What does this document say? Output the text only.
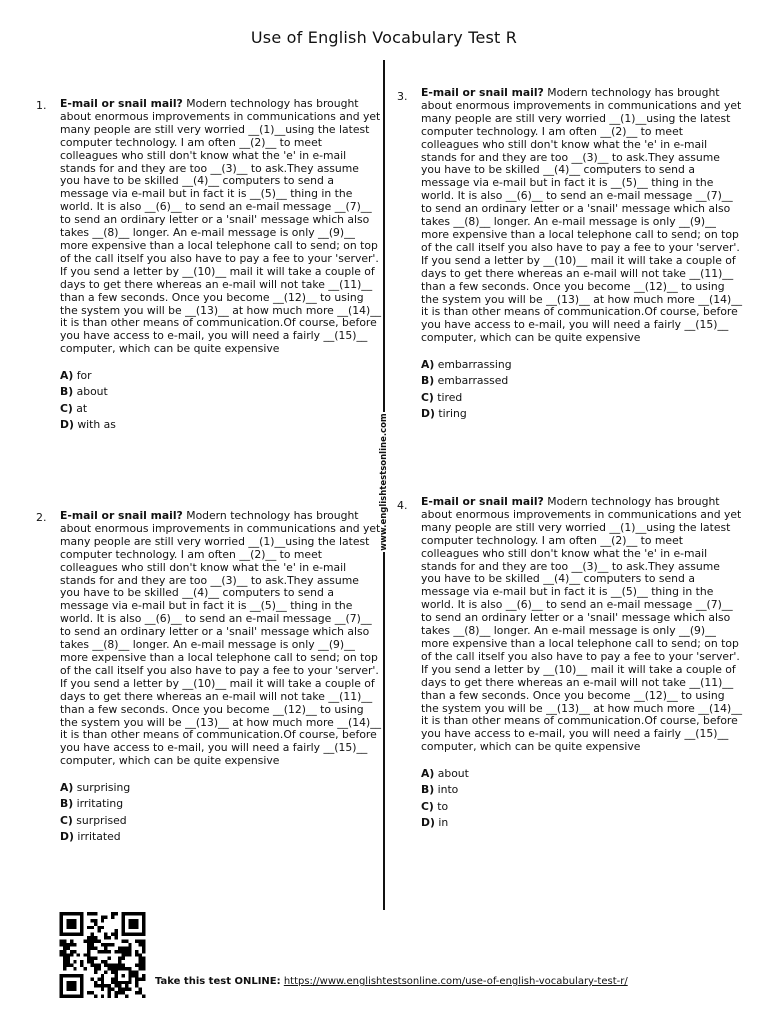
Use of English Vocabulary Test R
www.englishtestsonline.com
1. E-mail or snail mail? Modern technology has brought about enormous improvements in communications and yet many people are still very worried __(1)__using the latest computer technology. I am often __(2)__ to meet colleagues who still don't know what the 'e' in e-mail stands for and they are too __(3)__ to ask.They assume you have to be skilled __(4)__ computers to send a message via e-mail but in fact it is __(5)__ thing in the world. It is also __(6)__ to send an e-mail message __(7)__ to send an ordinary letter or a 'snail' message which also takes __(8)__ longer. An e-mail message is only __(9)__ more expensive than a local telephone call to send; on top of the call itself you also have to pay a fee to your 'server'. If you send a letter by __(10)__ mail it will take a couple of days to get there whereas an e-mail will not take __(11)__ than a few seconds. Once you become __(12)__ to using the system you will be __(13)__ at how much more __(14)__ it is than other means of communication.Of course, before you have access to e-mail, you will need a fairly __(15)__ computer, which can be quite expensive
A) for
B) about
C) at
D) with as
2. E-mail or snail mail? Modern technology has brought about enormous improvements in communications and yet many people are still very worried __(1)__using the latest computer technology. I am often __(2)__ to meet colleagues who still don't know what the 'e' in e-mail stands for and they are too __(3)__ to ask.They assume you have to be skilled __(4)__ computers to send a message via e-mail but in fact it is __(5)__ thing in the world. It is also __(6)__ to send an e-mail message __(7)__ to send an ordinary letter or a 'snail' message which also takes __(8)__ longer. An e-mail message is only __(9)__ more expensive than a local telephone call to send; on top of the call itself you also have to pay a fee to your 'server'. If you send a letter by __(10)__ mail it will take a couple of days to get there whereas an e-mail will not take __(11)__ than a few seconds. Once you become __(12)__ to using the system you will be __(13)__ at how much more __(14)__ it is than other means of communication.Of course, before you have access to e-mail, you will need a fairly __(15)__ computer, which can be quite expensive
A) surprising
B) irritating
C) surprised
D) irritated
3. E-mail or snail mail? Modern technology has brought about enormous improvements in communications and yet many people are still very worried __(1)__using the latest computer technology. I am often __(2)__ to meet colleagues who still don't know what the 'e' in e-mail stands for and they are too __(3)__ to ask.They assume you have to be skilled __(4)__ computers to send a message via e-mail but in fact it is __(5)__ thing in the world. It is also __(6)__ to send an e-mail message __(7)__ to send an ordinary letter or a 'snail' message which also takes __(8)__ longer. An e-mail message is only __(9)__ more expensive than a local telephone call to send; on top of the call itself you also have to pay a fee to your 'server'. If you send a letter by __(10)__ mail it will take a couple of days to get there whereas an e-mail will not take __(11)__ than a few seconds. Once you become __(12)__ to using the system you will be __(13)__ at how much more __(14)__ it is than other means of communication.Of course, before you have access to e-mail, you will need a fairly __(15)__ computer, which can be quite expensive
A) embarrassing
B) embarrassed
C) tired
D) tiring
4. E-mail or snail mail? Modern technology has brought about enormous improvements in communications and yet many people are still very worried __(1)__using the latest computer technology. I am often __(2)__ to meet colleagues who still don't know what the 'e' in e-mail stands for and they are too __(3)__ to ask.They assume you have to be skilled __(4)__ computers to send a message via e-mail but in fact it is __(5)__ thing in the world. It is also __(6)__ to send an e-mail message __(7)__ to send an ordinary letter or a 'snail' message which also takes __(8)__ longer. An e-mail message is only __(9)__ more expensive than a local telephone call to send; on top of the call itself you also have to pay a fee to your 'server'. If you send a letter by __(10)__ mail it will take a couple of days to get there whereas an e-mail will not take __(11)__ than a few seconds. Once you become __(12)__ to using the system you will be __(13)__ at how much more __(14)__ it is than other means of communication.Of course, before you have access to e-mail, you will need a fairly __(15)__ computer, which can be quite expensive
A) about
B) into
C) to
D) in
Take this test ONLINE: https://www.englishtestsonline.com/use-of-english-vocabulary-test-r/
